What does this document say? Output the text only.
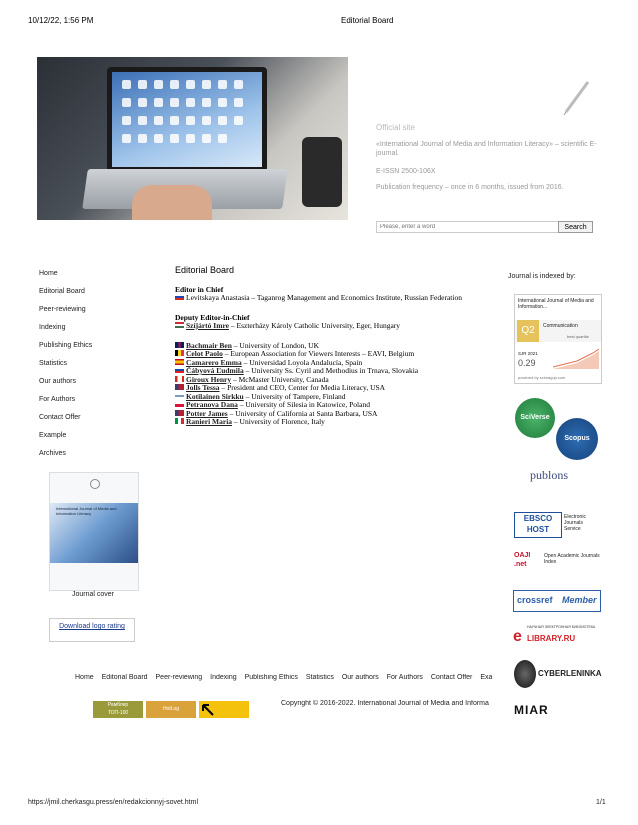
10/12/22, 1:56 PM	Editorial Board
Official site
«International Journal of Media and Information Literacy» – scientific E-journal.
E-ISSN 2500-106X
Publication frequency – once in 6 months, issued from 2016.
Please, enter a word
Search
Home
Editorial Board
Peer-reviewing
Indexing
Publishing Ethics
Statistics
Our authors
For Authors
Contact Offer
Example
Archives
International Journal of Media and Information Literacy
Journal cover
Download logo rating
Editorial Board
Editor in Chief
Levitskaya Anastasia – Taganrog Management and Economics Institute, Russian Federation
Deputy Editor-in-Chief
Szíjártó Imre – Eszterházy Károly Catholic University, Eger, Hungary
Bachmair Ben – University of London, UK
Celot Paolo – European Association for Viewers Interests – EAVI, Belgium
Camarero Emma – Universidad Loyola Andalucía, Spain
Čábyová Ľudmila – University Ss. Cyril and Methodius in Trnava, Slovakia
Giroux Henry – McMaster University, Canada
Jolls Tessa – President and CEO, Center for Media Literacy, USA
Kotilainen Sirkku – University of Tampere, Finland
Petranova Dana – University of Silesia in Katowice, Poland
Potter James – University of California at Santa Barbara, USA
Ranieri Maria – University of Florence, Italy
Journal is indexed by:
International Journal of Media and Information...
Q2	Communication
best quartile
SJR 2021
0.29
powered by scimagojr.com
SciVerse
Scopus
publons
EBSCO HOST
Electronic Journals Service
OAJI .net
Open Academic Journals Index
crossref Member
НАУЧНАЯ ЭЛЕКТРОННАЯ БИБЛИОТЕКА
e LIBRARY.RU
CYBERLENINKA
MIAR
Home Editorial Board Peer-reviewing Indexing Publishing Ethics Statistics Our authors For Authors Contact Offer Exa
Рамблер
ТОП-100
HotLog
Copyright © 2016-2022. International Journal of Media and Informa
https://jmil.cherkasgu.press/en/redakcionnyj-sovet.html	1/1
